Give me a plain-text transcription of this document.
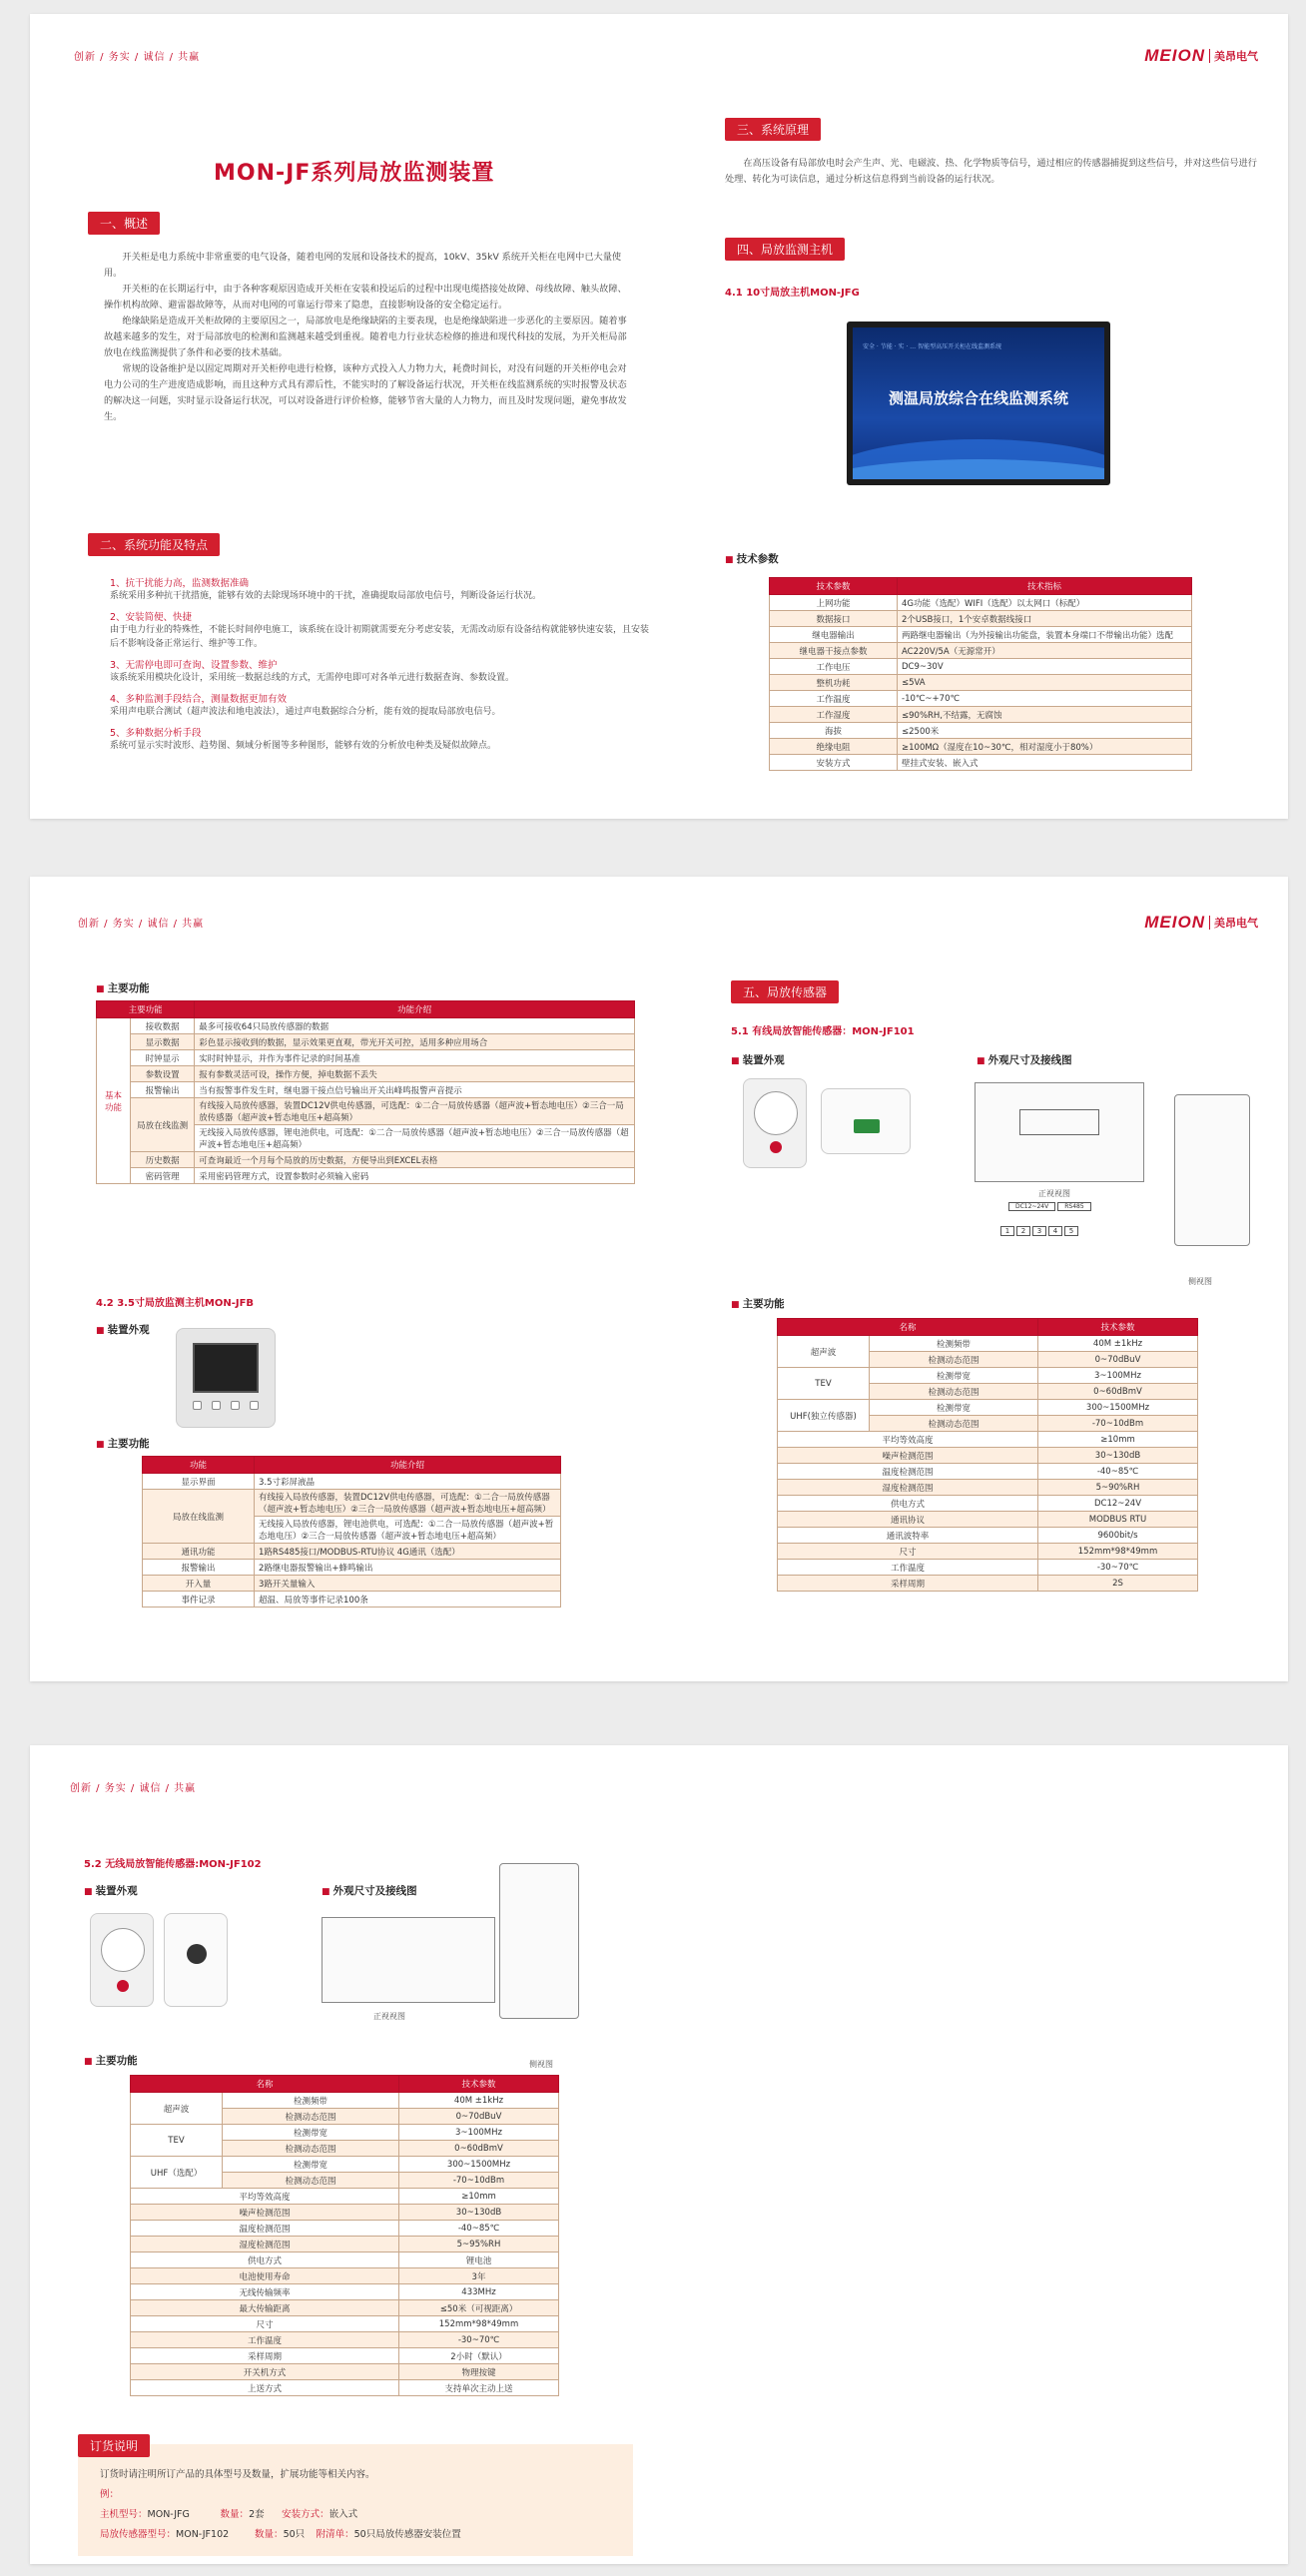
创新 / 务实 / 诚信 / 共赢	MEION 美昂电气
MON-JF系列局放监测装置
一、概述

开关柜是电力系统中非常重要的电气设备，随着电网的发展和设备技术的提高，10kV、35kV 系统开关柜在电网中已大量使用。

开关柜的在长期运行中，由于各种客观原因造成开关柜在安装和投运后的过程中出现电缆搭接处故障、母线故障、触头故障、操作机构故障、避雷器故障等，从而对电网的可靠运行带来了隐患，直接影响设备的安全稳定运行。

绝缘缺陷是造成开关柜故障的主要原因之一，局部放电是绝缘缺陷的主要表现，也是绝缘缺陷进一步恶化的主要原因。随着事故越来越多的发生，对于局部放电的检测和监测越来越受到重视。随着电力行业状态检修的推进和现代科技的发展，为开关柜局部放电在线监测提供了条件和必要的技术基础。

常规的设备维护是以固定周期对开关柜停电进行检修，该种方式投入人力物力大，耗费时间长，对没有问题的开关柜停电会对电力公司的生产进度造成影响，而且这种方式具有滞后性，不能实时的了解设备运行状况，开关柜在线监测系统的实时报警及状态的解决这一问题，实时显示设备运行状况，可以对设备进行评价检修，能够节省大量的人力物力，而且及时发现问题，避免事故发生。

二、系统功能及特点
1、抗干扰能力高，监测数据准确
系统采用多种抗干扰措施，能够有效的去除现场环境中的干扰，准确提取局部放电信号，判断设备运行状况。
2、安装简便、快捷
由于电力行业的特殊性，不能长时间停电施工，该系统在设计初期就需要充分考虑安装，无需改动原有设备结构就能够快速安装，且安装后不影响设备正常运行、维护等工作。
3、无需停电即可查询、设置参数、维护
该系统采用模块化设计，采用统一数据总线的方式，无需停电即可对各单元进行数据查询、参数设置。
4、多种监测手段结合，测量数据更加有效
采用声电联合测试（超声波法和地电波法），通过声电数据综合分析，能有效的提取局部放电信号。
5、多种数据分析手段
系统可显示实时波形、趋势图、频域分析图等多种图形，能够有效的分析放电种类及疑似故障点。
三、系统原理
在高压设备有局部放电时会产生声、光、电磁波、热、化学物质等信号，通过相应的传感器捕捉到这些信号，并对这些信号进行处理、转化为可读信息，通过分析这信息得到当前设备的运行状况。
四、局放监测主机
4.1 10寸局放主机MON-JFG
安全 · 节能 · 实 · … 智能型高压开关柜在线监测系统
测温局放综合在线监测系统
■ 技术参数
技术参数	技术指标
上网功能	4G功能（选配）WIFI（选配）以太网口（标配）
数据接口	2个USB接口，1个安卓数据线接口
继电器输出	两路继电器输出（为外接输出功能盘，装置本身端口不带输出功能）选配
继电器干接点参数	AC220V/5A（无源常开）
工作电压	DC9~30V
整机功耗	≤5VA
工作温度	-10℃~+70℃
工作湿度	≤90%RH,不结露，无腐蚀
海拔	≤2500米
绝缘电阻	≥100MΩ（湿度在10~30℃，相对湿度小于80%）
安装方式	壁挂式安装、嵌入式
创新 / 务实 / 诚信 / 共赢	MEION 美昂电气
■ 主要功能
主要功能		功能介绍
基本功能	接收数据	最多可接收64只局放传感器的数据
	显示数据	彩色显示接收到的数据，显示效果更直观，带光开关可控，适用多种应用场合
	时钟显示	实时时钟显示，并作为事件记录的时间基准
	参数设置	报有参数灵活可设，操作方便，掉电数据不丢失
	报警输出	当有报警事件发生时，继电器干接点信号输出开关出峰鸣报警声音提示
	局放在线监测	有线接入局放传感器，装置DC12V供电传感器，可选配：①二合一局放传感器（超声波+暂态地电压）②三合一局放传感器（超声波+暂态地电压+超高频）
		无线接入局放传感器，锂电池供电，可选配：①二合一局放传感器（超声波+暂态地电压）②三合一局放传感器（超声波+暂态地电压+超高频）
	历史数据	可查询最近一个月每个局放的历史数据，方便导出到EXCEL表格
	密码管理	采用密码管理方式，设置参数时必须输入密码
4.2 3.5寸局放监测主机MON-JFB
■ 装置外观
■ 主要功能
功能	功能介绍
显示界面	3.5寸彩屏液晶
局放在线监测	有线接入局放传感器，装置DC12V供电传感器，可选配：①二合一局放传感器（超声波+暂态地电压）②三合一局放传感器（超声波+暂态地电压+超高频）
	无线接入局放传感器，锂电池供电，可选配：①二合一局放传感器（超声波+暂态地电压）②三合一局放传感器（超声波+暂态地电压+超高频）
通讯功能	1路RS485接口/MODBUS-RTU协议 4G通讯（选配）
报警输出	2路继电器报警输出+蜂鸣输出
开入量	3路开关量输入
事件记录	超温、局放等事件记录100条
五、局放传感器
5.1 有线局放智能传感器：MON-JF101
■ 装置外观	■ 外观尺寸及接线图
正视视图
DC12~24V	RS485
1	2	3	4	5
侧视图
■ 主要功能
名称		技术参数
超声波	检测频带	40M ±1kHz
	检测动态范围	0~70dBuV
TEV	检测带宽	3~100MHz
	检测动态范围	0~60dBmV
UHF(独立传感器)	检测带宽	300~1500MHz
	检测动态范围	-70~10dBm
平均等效高度		≥10mm
噪声检测范围		30~130dB
温度检测范围		-40~85℃
湿度检测范围		5~90%RH
供电方式		DC12~24V
通讯协议		MODBUS RTU
通讯波特率		9600bit/s
尺寸		152mm*98*49mm
工作温度		-30~70℃
采样周期		2S
创新 / 务实 / 诚信 / 共赢
5.2 无线局放智能传感器:MON-JF102
■ 装置外观	■ 外观尺寸及接线图
正视视图
侧视图
■ 主要功能
名称		技术参数
超声波	检测频带	40M ±1kHz
	检测动态范围	0~70dBuV
TEV	检测带宽	3~100MHz
	检测动态范围	0~60dBmV
UHF（选配）	检测带宽	300~1500MHz
	检测动态范围	-70~10dBm
平均等效高度		≥10mm
噪声检测范围		30~130dB
温度检测范围		-40~85℃
湿度检测范围		5~95%RH
供电方式		锂电池
电池使用寿命		3年
无线传输频率		433MHz
最大传输距离		≤50米（可视距离）
尺寸		152mm*98*49mm
工作温度		-30~70℃
采样周期		2小时（默认）
开关机方式		物理按键
上送方式		支持单次主动上送
订货说明
订货时请注明所订产品的具体型号及数量，扩展功能等相关内容。
例：
主机型号：MON-JFG	数量：2套 安装方式：嵌入式
局放传感器型号：MON-JF102	数量：50只 附清单：50只局放传感器安装位置
